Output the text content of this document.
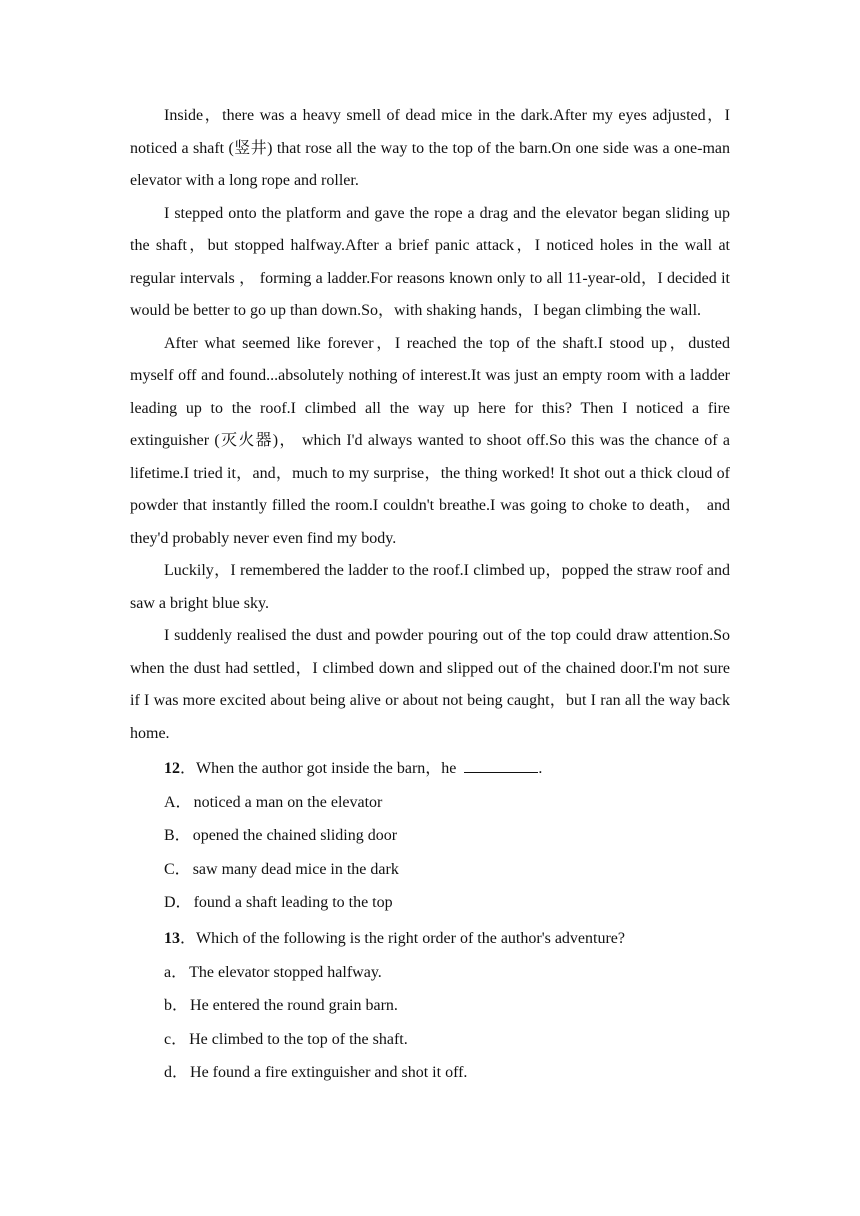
Inside，there was a heavy smell of dead mice in the dark.After my eyes adjusted，I noticed a shaft (竖井) that rose all the way to the top of the barn.On one side was a one-man elevator with a long rope and roller.

I stepped onto the platform and gave the rope a drag and the elevator began sliding up the shaft，but stopped halfway.After a brief panic attack，I noticed holes in the wall at regular intervals ， forming a ladder.For reasons known only to all 11-year-old，I decided it would be better to go up than down.So，with shaking hands，I began climbing the wall.

After what seemed like forever，I reached the top of the shaft.I stood up，dusted myself off and found...absolutely nothing of interest.It was just an empty room with a ladder leading up to the roof.I climbed all the way up here for this? Then I noticed a fire extinguisher (灭火器)， which I'd always wanted to shoot off.So this was the chance of a lifetime.I tried it，and，much to my surprise，the thing worked! It shot out a thick cloud of powder that instantly filled the room.I couldn't breathe.I was going to choke to death， and they'd probably never even find my body.

Luckily，I remembered the ladder to the roof.I climbed up，popped the straw roof and saw a bright blue sky.

I suddenly realised the dust and powder pouring out of the top could draw attention.So when the dust had settled，I climbed down and slipped out of the chained door.I'm not sure if I was more excited about being alive or about not being caught，but I ran all the way back home.

12．When the author got inside the barn，he	.

A． noticed a man on the elevator

B． opened the chained sliding door

C． saw many dead mice in the dark

D． found a shaft leading to the top

13．Which of the following is the right order of the author's adventure?

a． The elevator stopped halfway.

b． He entered the round grain barn.

c． He climbed to the top of the shaft.

d． He found a fire extinguisher and shot it off.
